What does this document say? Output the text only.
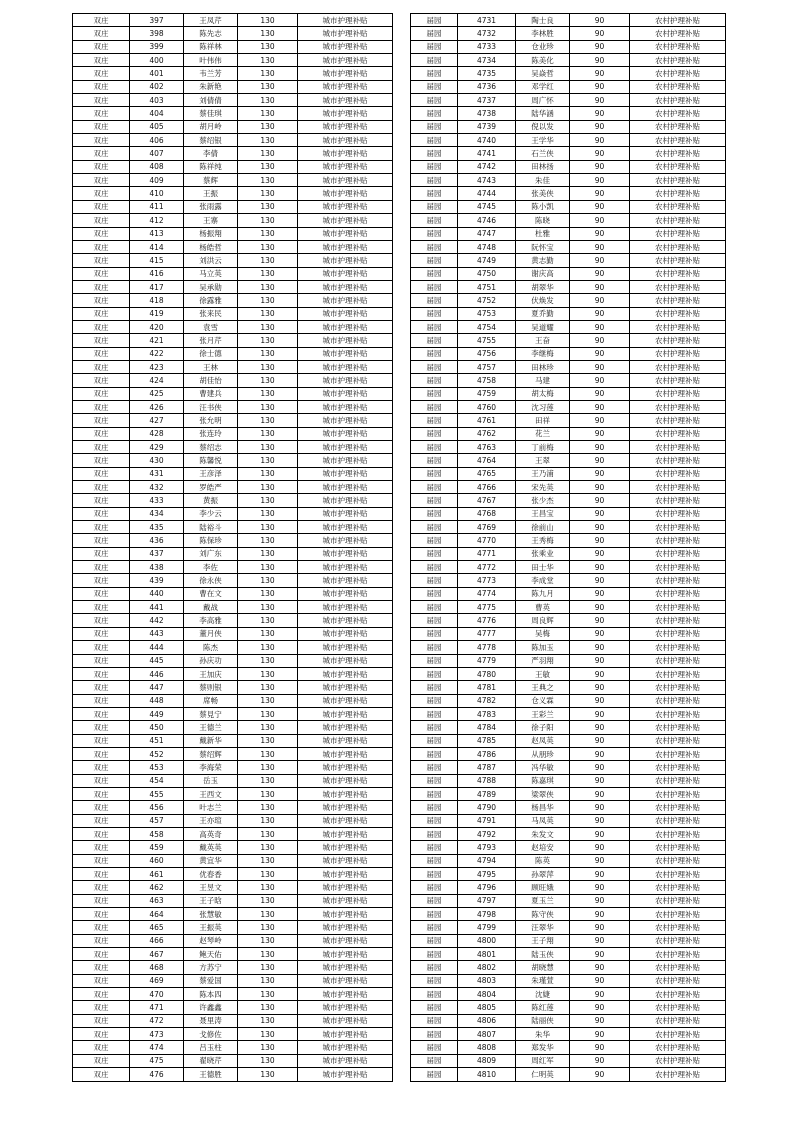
双庄	397	王凤芹	130	城市护理补贴
双庄	398	陈先志	130	城市护理补贴
双庄	399	陈祥林	130	城市护理补贴
双庄	400	叶伟伟	130	城市护理补贴
双庄	401	韦兰芳	130	城市护理补贴
双庄	402	朱新艳	130	城市护理补贴
双庄	403	刘倩倩	130	城市护理补贴
双庄	404	蔡佳琪	130	城市护理补贴
双庄	405	胡月岭	130	城市护理补贴
双庄	406	蔡绍银	130	城市护理补贴
双庄	407	李倩	130	城市护理补贴
双庄	408	陈祥纯	130	城市护理补贴
双庄	409	蔡辉	130	城市护理补贴
双庄	410	王振	130	城市护理补贴
双庄	411	张雨露	130	城市护理补贴
双庄	412	王寨	130	城市护理补贴
双庄	413	杨振翔	130	城市护理补贴
双庄	414	杨皓哲	130	城市护理补贴
双庄	415	刘洪云	130	城市护理补贴
双庄	416	马立英	130	城市护理补贴
双庄	417	吴承勋	130	城市护理补贴
双庄	418	徐露雅	130	城市护理补贴
双庄	419	张来民	130	城市护理补贴
双庄	420	袁雪	130	城市护理补贴
双庄	421	张月芹	130	城市护理补贴
双庄	422	徐士德	130	城市护理补贴
双庄	423	王林	130	城市护理补贴
双庄	424	胡佳怡	130	城市护理补贴
双庄	425	曹建兵	130	城市护理补贴
双庄	426	汪书侠	130	城市护理补贴
双庄	427	张允明	130	城市护理补贴
双庄	428	张连玲	130	城市护理补贴
双庄	429	蔡绍志	130	城市护理补贴
双庄	430	陈馨悦	130	城市护理补贴
双庄	431	王彦泽	130	城市护理补贴
双庄	432	罗皓严	130	城市护理补贴
双庄	433	黄振	130	城市护理补贴
双庄	434	李少云	130	城市护理补贴
双庄	435	陆裕斗	130	城市护理补贴
双庄	436	陈保珍	130	城市护理补贴
双庄	437	刘广东	130	城市护理补贴
双庄	438	李佐	130	城市护理补贴
双庄	439	徐永侠	130	城市护理补贴
双庄	440	曹在文	130	城市护理补贴
双庄	441	戴战	130	城市护理补贴
双庄	442	李高雅	130	城市护理补贴
双庄	443	董月侠	130	城市护理补贴
双庄	444	陈杰	130	城市护理补贴
双庄	445	孙庆功	130	城市护理补贴
双庄	446	王加庆	130	城市护理补贴
双庄	447	蔡则银	130	城市护理补贴
双庄	448	席畅	130	城市护理补贴
双庄	449	蔡見宁	130	城市护理补贴
双庄	450	王德兰	130	城市护理补贴
双庄	451	戴新华	130	城市护理补贴
双庄	452	蔡绍辉	130	城市护理补贴
双庄	453	李海荣	130	城市护理补贴
双庄	454	岳玉	130	城市护理补贴
双庄	455	王西文	130	城市护理补贴
双庄	456	叶志兰	130	城市护理补贴
双庄	457	王亦瑄	130	城市护理补贴
双庄	458	高英奇	130	城市护理补贴
双庄	459	戴英英	130	城市护理补贴
双庄	460	黄宜华	130	城市护理补贴
双庄	461	优春香	130	城市护理补贴
双庄	462	王昱文	130	城市护理补贴
双庄	463	王子晗	130	城市护理补贴
双庄	464	张慧敏	130	城市护理补贴
双庄	465	王振英	130	城市护理补贴
双庄	466	赵琴岭	130	城市护理补贴
双庄	467	鲍天佑	130	城市护理补贴
双庄	468	方苏宁	130	城市护理补贴
双庄	469	蔡爱国	130	城市护理补贴
双庄	470	陈本四	130	城市护理补贴
双庄	471	许鑫鑫	130	城市护理补贴
双庄	472	聂里涛	130	城市护理补贴
双庄	473	戈修佐	130	城市护理补贴
双庄	474	吕玉柱	130	城市护理补贴
双庄	475	翟晓芹	130	城市护理补贴
双庄	476	王德胜	130	城市护理补贴
届园	4731	陶士良	90	农村护理补贴
届园	4732	李林胜	90	农村护理补贴
届园	4733	仓业珍	90	农村护理补贴
届园	4734	陈美化	90	农村护理补贴
届园	4735	吴焱哲	90	农村护理补贴
届园	4736	邓学红	90	农村护理补贴
届园	4737	周广怀	90	农村护理补贴
届园	4738	陆华涵	90	农村护理补贴
届园	4739	倪以发	90	农村护理补贴
届园	4740	王学华	90	农村护理补贴
届园	4741	石兰侠	90	农村护理补贴
届园	4742	田林扬	90	农村护理补贴
届园	4743	朱佳	90	农村护理补贴
届园	4744	张美侠	90	农村护理补贴
届园	4745	陈小凯	90	农村护理补贴
届园	4746	陈晓	90	农村护理补贴
届园	4747	杜雅	90	农村护理补贴
届园	4748	阮怀宝	90	农村护理补贴
届园	4749	黄志勤	90	农村护理补贴
届园	4750	谢庆高	90	农村护理补贴
届园	4751	胡翠华	90	农村护理补贴
届园	4752	伏焕发	90	农村护理补贴
届园	4753	夏乔勤	90	农村护理补贴
届园	4754	吴道耀	90	农村护理补贴
届园	4755	王奋	90	农村护理补贴
届园	4756	李继梅	90	农村护理补贴
届园	4757	田林珍	90	农村护理补贴
届园	4758	马建	90	农村护理补贴
届园	4759	胡太梅	90	农村护理补贴
届园	4760	沈习莲	90	农村护理补贴
届园	4761	田祥	90	农村护理补贴
届园	4762	花兰	90	农村护理补贴
届园	4763	丁前梅	90	农村护理补贴
届园	4764	王翠	90	农村护理补贴
届园	4765	王乃浦	90	农村护理补贴
届园	4766	宋先英	90	农村护理补贴
届园	4767	张少杰	90	农村护理补贴
届园	4768	王昌宝	90	农村护理补贴
届园	4769	徐前山	90	农村护理补贴
届园	4770	王秀梅	90	农村护理补贴
届园	4771	张乘业	90	农村护理补贴
届园	4772	田士华	90	农村护理补贴
届园	4773	李成堂	90	农村护理补贴
届园	4774	陈九月	90	农村护理补贴
届园	4775	曹英	90	农村护理补贴
届园	4776	周良辉	90	农村护理补贴
届园	4777	吴梅	90	农村护理补贴
届园	4778	陈加玉	90	农村护理补贴
届园	4779	严羽翔	90	农村护理补贴
届园	4780	王敏	90	农村护理补贴
届园	4781	王典之	90	农村护理补贴
届园	4782	仓义霖	90	农村护理补贴
届园	4783	王彩兰	90	农村护理补贴
届园	4784	徐子阳	90	农村护理补贴
届园	4785	赵凤英	90	农村护理补贴
届园	4786	从朋珍	90	农村护理补贴
届园	4787	冯华敏	90	农村护理补贴
届园	4788	陈嘉琪	90	农村护理补贴
届园	4789	梁翠侠	90	农村护理补贴
届园	4790	杨昌华	90	农村护理补贴
届园	4791	马凤英	90	农村护理补贴
届园	4792	朱发文	90	农村护理补贴
届园	4793	赵培安	90	农村护理补贴
届园	4794	陈英	90	农村护理补贴
届园	4795	孙翠萍	90	农村护理补贴
届园	4796	顾旺娥	90	农村护理补贴
届园	4797	夏玉兰	90	农村护理补贴
届园	4798	陈守侠	90	农村护理补贴
届园	4799	汪翠华	90	农村护理补贴
届园	4800	王子翔	90	农村护理补贴
届园	4801	陆玉侠	90	农村护理补贴
届园	4802	胡晓慧	90	农村护理补贴
届园	4803	朱瑾萱	90	农村护理补贴
届园	4804	沈婕	90	农村护理补贴
届园	4805	陈红莲	90	农村护理补贴
届园	4806	陆丽侠	90	农村护理补贴
届园	4807	朱华	90	农村护理补贴
届园	4808	郑发华	90	农村护理补贴
届园	4809	周红军	90	农村护理补贴
届园	4810	仁明英	90	农村护理补贴
